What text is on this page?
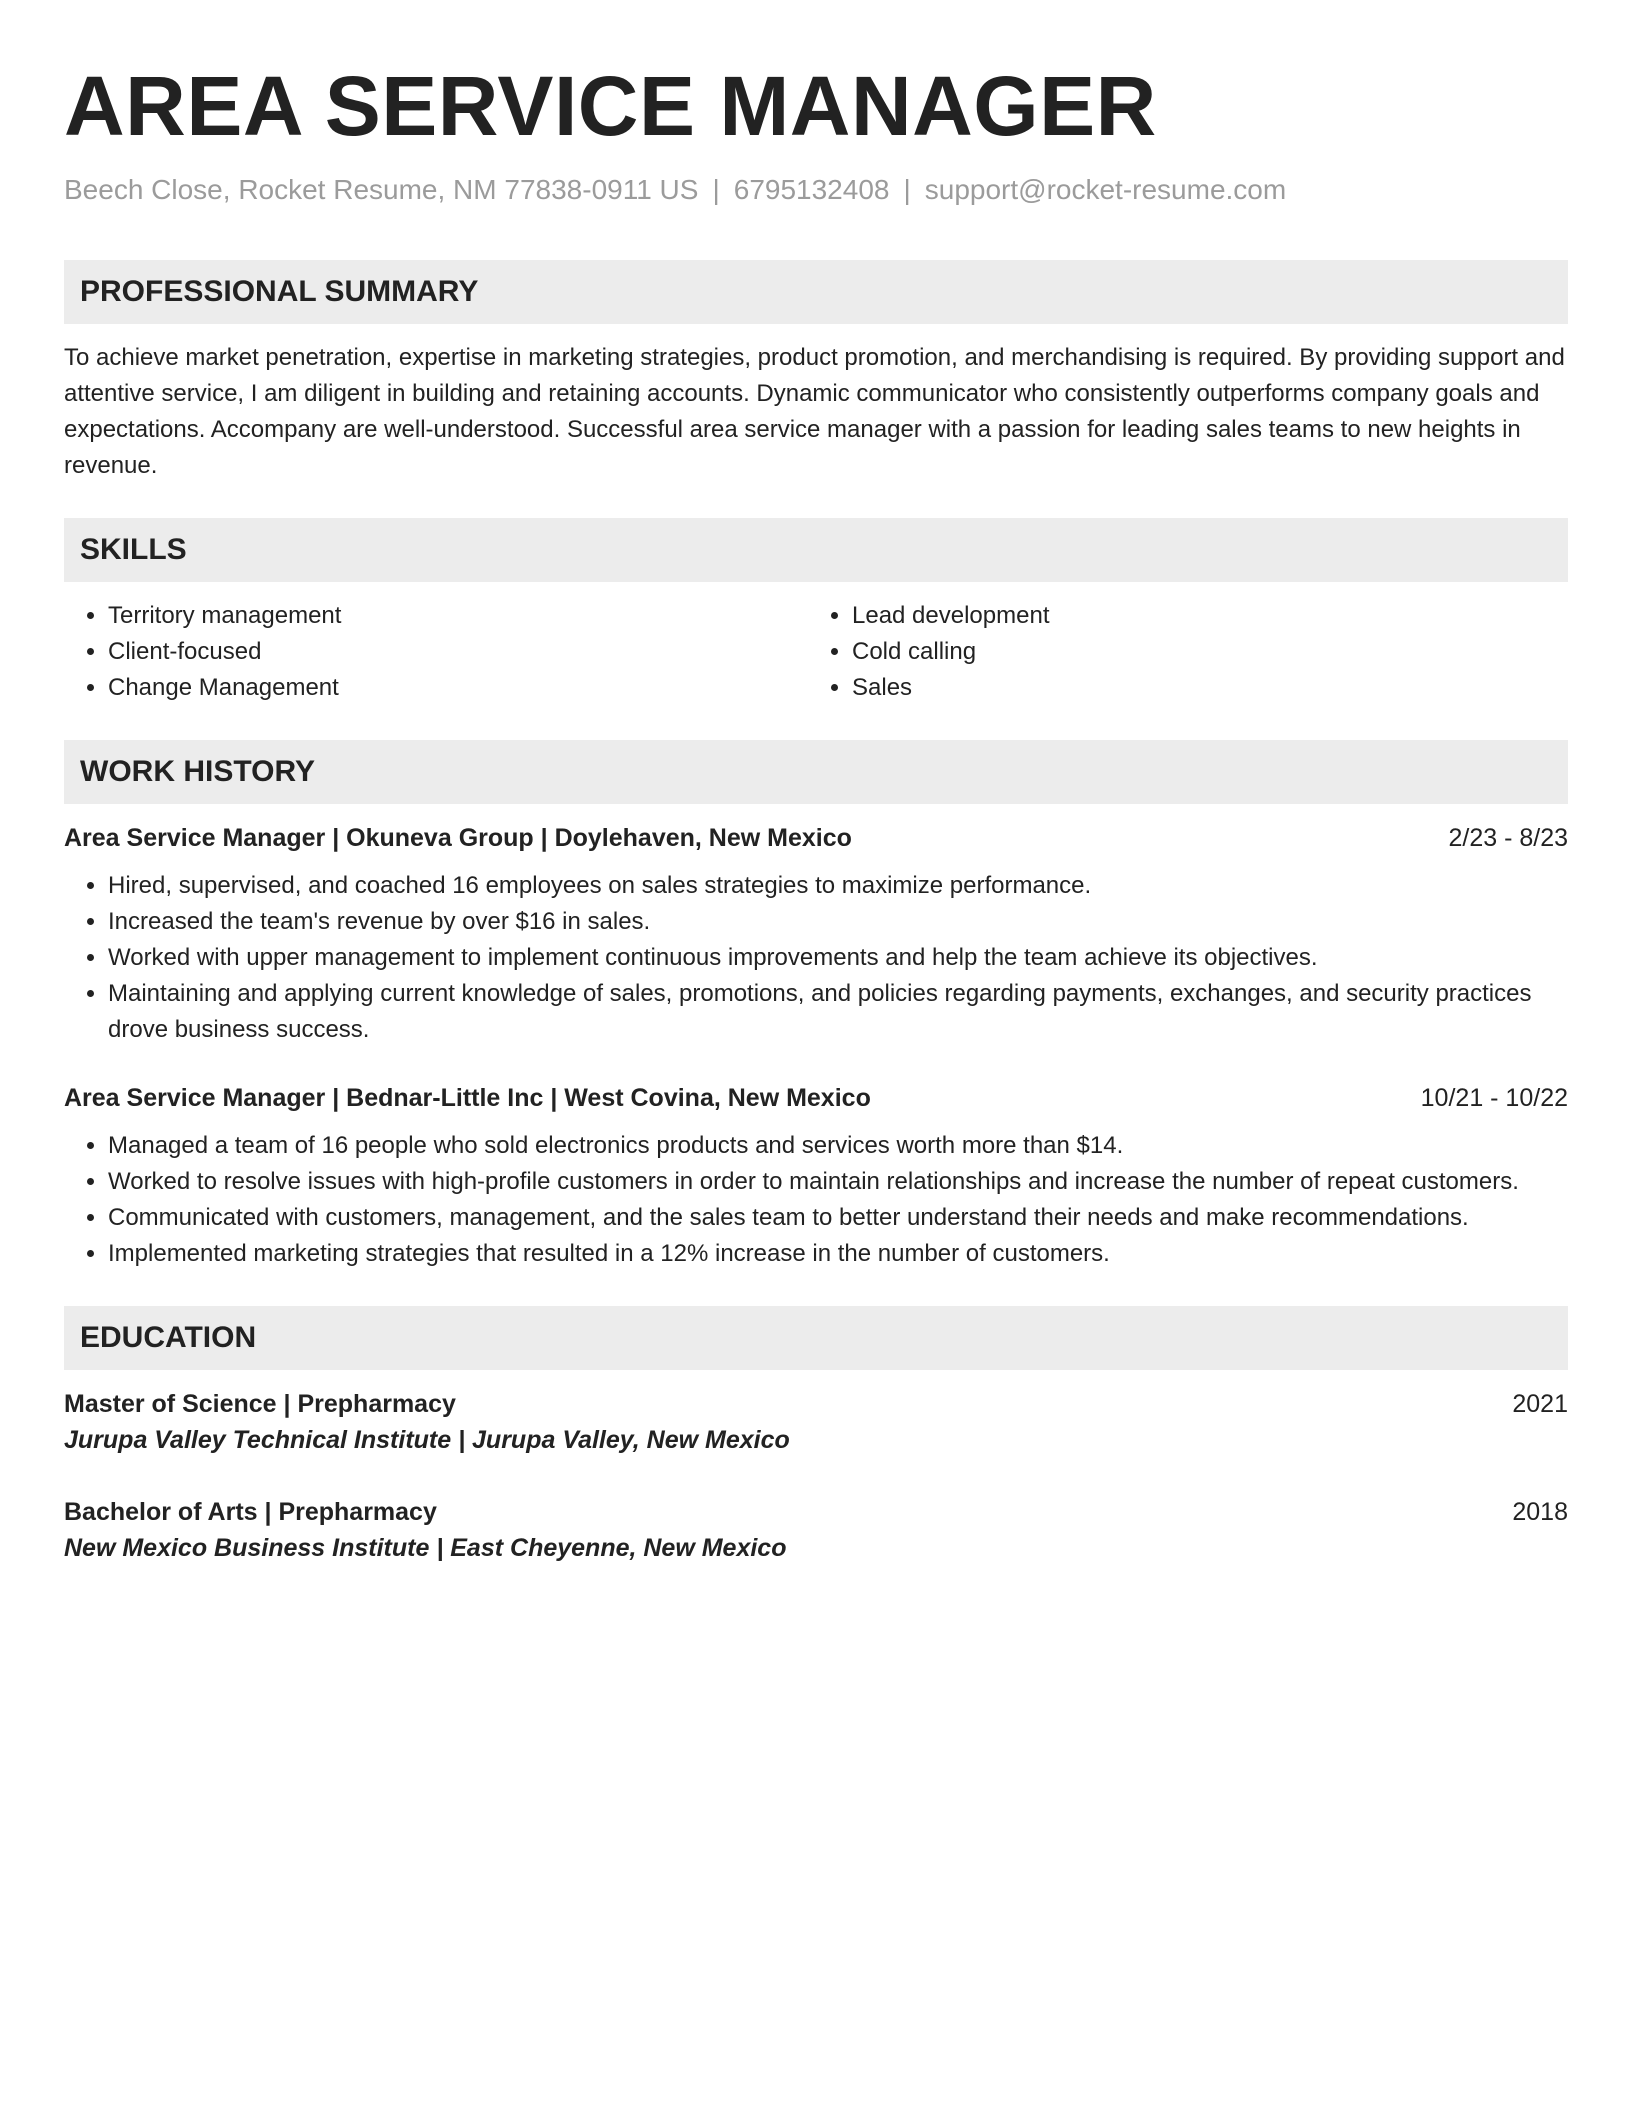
AREA SERVICE MANAGER
Beech Close, Rocket Resume, NM 77838-0911 US | 6795132408 | support@rocket-resume.com
PROFESSIONAL SUMMARY
To achieve market penetration, expertise in marketing strategies, product promotion, and merchandising is required. By providing support and attentive service, I am diligent in building and retaining accounts. Dynamic communicator who consistently outperforms company goals and expectations. Accompany are well-understood. Successful area service manager with a passion for leading sales teams to new heights in revenue.
SKILLS
• Territory management
• Client-focused
• Change Management
• Lead development
• Cold calling
• Sales
WORK HISTORY
Area Service Manager | Okuneva Group | Doylehaven, New Mexico	2/23 - 8/23
• Hired, supervised, and coached 16 employees on sales strategies to maximize performance.
• Increased the team's revenue by over $16 in sales.
• Worked with upper management to implement continuous improvements and help the team achieve its objectives.
• Maintaining and applying current knowledge of sales, promotions, and policies regarding payments, exchanges, and security practices drove business success.
Area Service Manager | Bednar-Little Inc | West Covina, New Mexico	10/21 - 10/22
• Managed a team of 16 people who sold electronics products and services worth more than $14.
• Worked to resolve issues with high-profile customers in order to maintain relationships and increase the number of repeat customers.
• Communicated with customers, management, and the sales team to better understand their needs and make recommendations.
• Implemented marketing strategies that resulted in a 12% increase in the number of customers.
EDUCATION
Master of Science | Prepharmacy	2021
Jurupa Valley Technical Institute | Jurupa Valley, New Mexico
Bachelor of Arts | Prepharmacy	2018
New Mexico Business Institute | East Cheyenne, New Mexico
